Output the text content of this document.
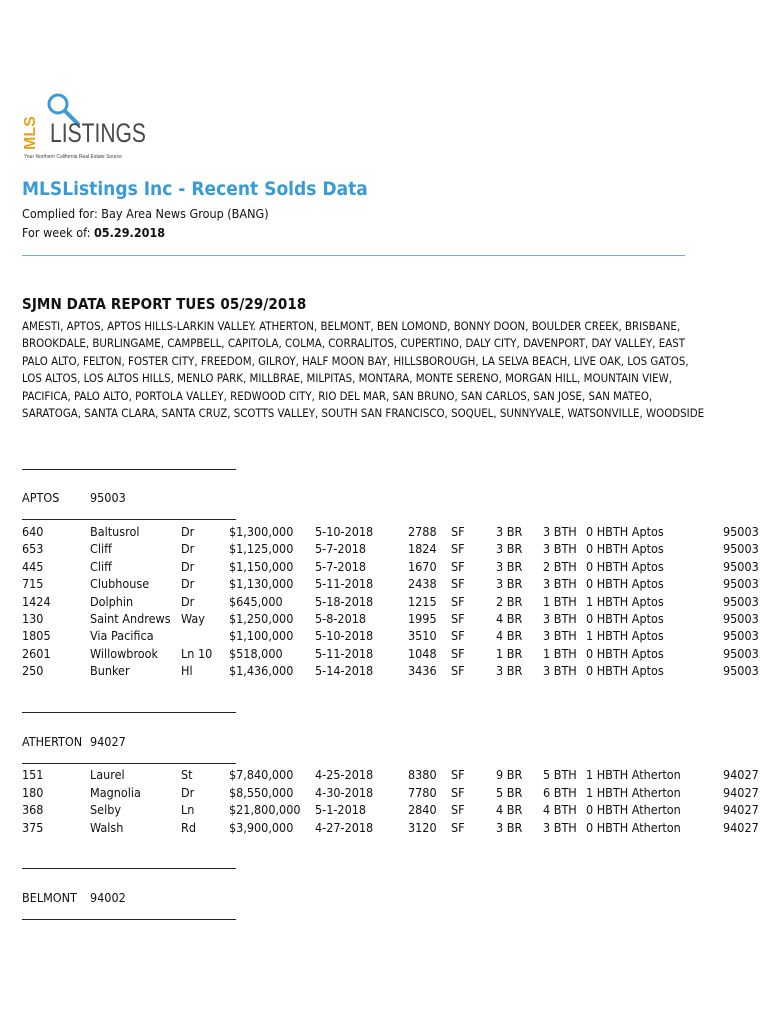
MLS LISTINGS
Your Northern California Real Estate Source
MLSListings Inc - Recent Solds Data
Complied for: Bay Area News Group (BANG)
For week of: 05.29.2018
SJMN DATA REPORT TUES 05/29/2018
AMESTI, APTOS, APTOS HILLS-LARKIN VALLEY. ATHERTON, BELMONT, BEN LOMOND, BONNY DOON, BOULDER CREEK, BRISBANE,
BROOKDALE, BURLINGAME, CAMPBELL, CAPITOLA, COLMA, CORRALITOS, CUPERTINO, DALY CITY, DAVENPORT, DAY VALLEY, EAST
PALO ALTO, FELTON, FOSTER CITY, FREEDOM, GILROY, HALF MOON BAY, HILLSBOROUGH, LA SELVA BEACH, LIVE OAK, LOS GATOS,
LOS ALTOS, LOS ALTOS HILLS, MENLO PARK, MILLBRAE, MILPITAS, MONTARA, MONTE SERENO, MORGAN HILL, MOUNTAIN VIEW,
PACIFICA, PALO ALTO, PORTOLA VALLEY, REDWOOD CITY, RIO DEL MAR, SAN BRUNO, SAN CARLOS, SAN JOSE, SAN MATEO,
SARATOGA, SANTA CLARA, SANTA CRUZ, SCOTTS VALLEY, SOUTH SAN FRANCISCO, SOQUEL, SUNNYVALE, WATSONVILLE, WOODSIDE
APTOS 95003
640	Baltusrol	Dr	$1,300,000 5-10-2018	2788 SF	3 BR 3 BTH 0 HBTH Aptos	95003
653	Cliff	Dr	$1,125,000 5-7-2018	1824 SF	3 BR 3 BTH 0 HBTH Aptos	95003
445	Cliff	Dr	$1,150,000 5-7-2018	1670 SF	3 BR 2 BTH 0 HBTH Aptos	95003
715	Clubhouse	Dr	$1,130,000 5-11-2018	2438 SF	3 BR 3 BTH 0 HBTH Aptos	95003
1424	Dolphin	Dr	$645,000	5-18-2018	1215 SF	2 BR 1 BTH 1 HBTH Aptos	95003
130	Saint Andrews Way $1,250,000 5-8-2018	1995 SF	4 BR 3 BTH 0 HBTH Aptos	95003
1805	Via Pacifica	$1,100,000 5-10-2018	3510 SF	4 BR 3 BTH 1 HBTH Aptos	95003
2601	Willowbrook Ln 10 $518,000	5-11-2018	1048 SF	1 BR 1 BTH 0 HBTH Aptos	95003
250	Bunker	Hl	$1,436,000 5-14-2018	3436 SF	3 BR 3 BTH 0 HBTH Aptos	95003
ATHERTON 94027
151	Laurel	St	$7,840,000 4-25-2018	8380 SF	9 BR 5 BTH 1 HBTH Atherton	94027
180	Magnolia	Dr	$8,550,000 4-30-2018	7780 SF	5 BR 6 BTH 1 HBTH Atherton	94027
368	Selby	Ln	$21,800,000 5-1-2018	2840 SF	4 BR 4 BTH 0 HBTH Atherton	94027
375	Walsh	Rd	$3,900,000 4-27-2018	3120 SF	3 BR 3 BTH 0 HBTH Atherton	94027
BELMONT 94002
